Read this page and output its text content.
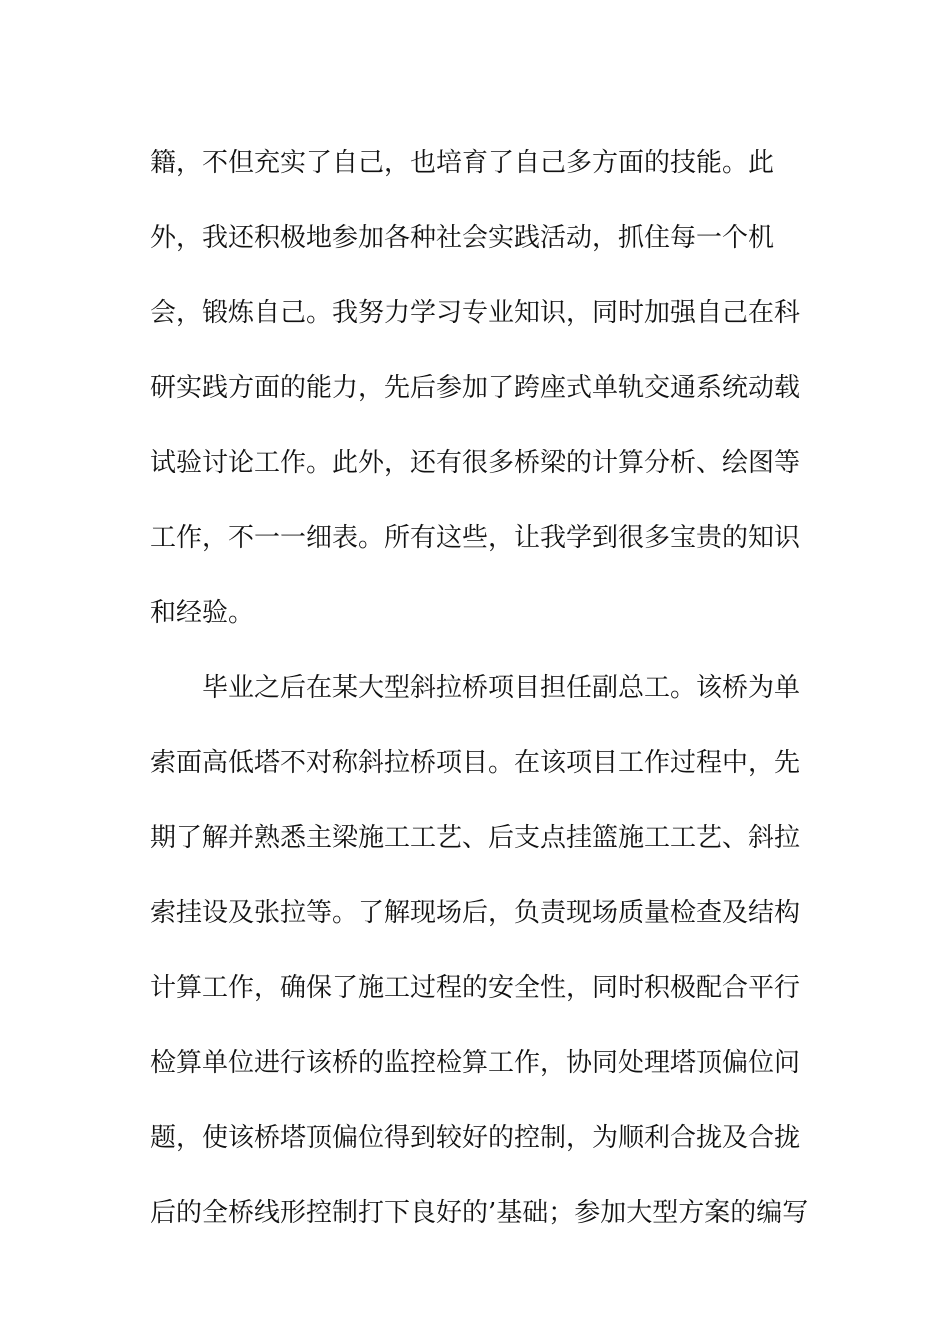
籍，不但充实了自己，也培育了自己多方面的技能。此
外，我还积极地参加各种社会实践活动，抓住每一个机
会，锻炼自己。我努力学习专业知识，同时加强自己在科
研实践方面的能力，先后参加了跨座式单轨交通系统动载
试验讨论工作。此外，还有很多桥梁的计算分析、绘图等
工作，不一一细表。所有这些，让我学到很多宝贵的知识
和经验。
毕业之后在某大型斜拉桥项目担任副总工。该桥为单
索面高低塔不对称斜拉桥项目。在该项目工作过程中，先
期了解并熟悉主梁施工工艺、后支点挂篮施工工艺、斜拉
索挂设及张拉等。了解现场后，负责现场质量检查及结构
计算工作，确保了施工过程的安全性，同时积极配合平行
检算单位进行该桥的监控检算工作，协同处理塔顶偏位问
题，使该桥塔顶偏位得到较好的控制，为顺利合拢及合拢
后的全桥线形控制打下良好的’基础；参加大型方案的编写
